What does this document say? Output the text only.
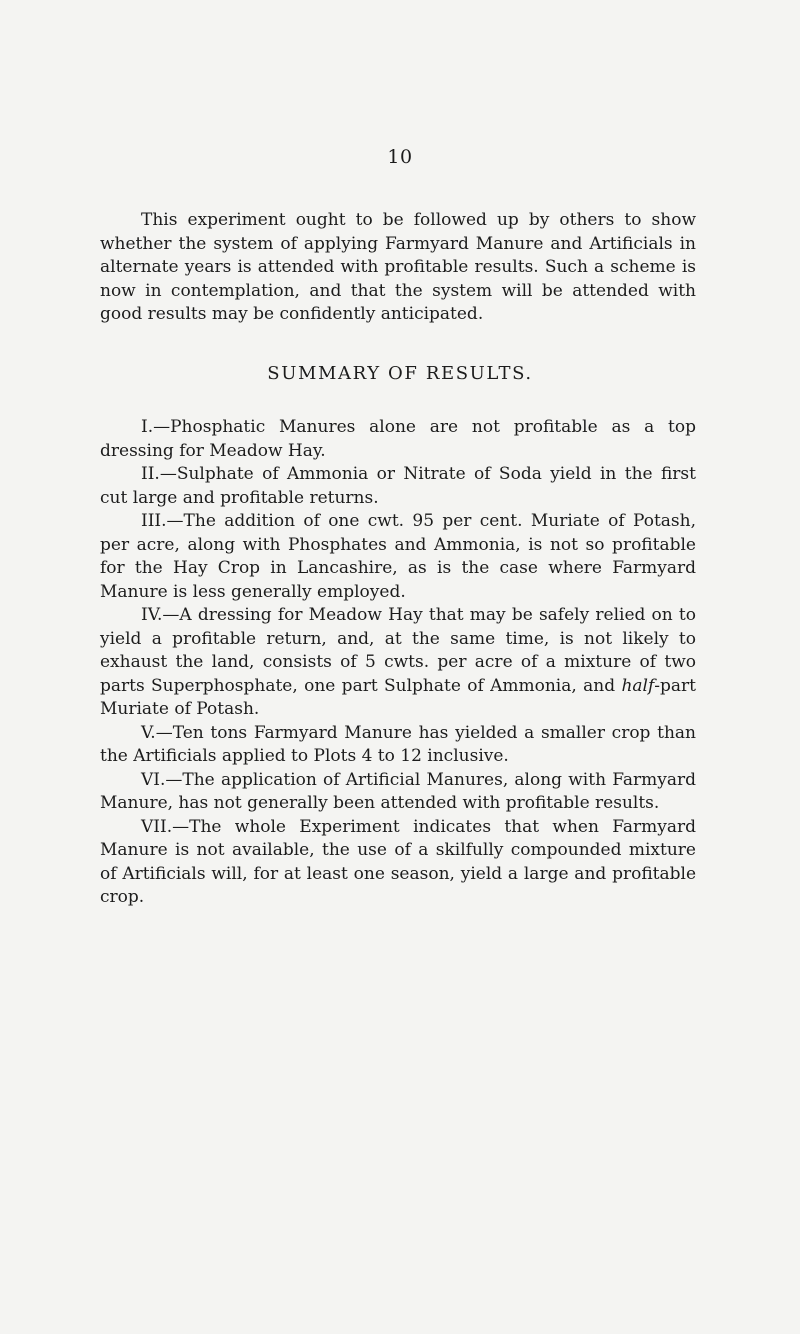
10

This experiment ought to be followed up by others to show whether the system of applying Farmyard Manure and Artificials in alternate years is attended with profitable results. Such a scheme is now in contemplation, and that the system will be attended with good results may be confidently anticipated.

SUMMARY OF RESULTS.

I.—Phosphatic Manures alone are not profitable as a top dressing for Meadow Hay.

II.—Sulphate of Ammonia or Nitrate of Soda yield in the first cut large and profitable returns.

III.—The addition of one cwt. 95 per cent. Muriate of Potash, per acre, along with Phosphates and Ammonia, is not so profitable for the Hay Crop in Lancashire, as is the case where Farmyard Manure is less generally employed.

IV.—A dressing for Meadow Hay that may be safely relied on to yield a profitable return, and, at the same time, is not likely to exhaust the land, consists of 5 cwts. per acre of a mixture of two parts Superphosphate, one part Sulphate of Ammonia, and half-part Muriate of Potash.

V.—Ten tons Farmyard Manure has yielded a smaller crop than the Artificials applied to Plots 4 to 12 inclusive.

VI.—The application of Artificial Manures, along with Farmyard Manure, has not generally been attended with profitable results.

VII.—The whole Experiment indicates that when Farmyard Manure is not available, the use of a skilfully compounded mixture of Artificials will, for at least one season, yield a large and profitable crop.
